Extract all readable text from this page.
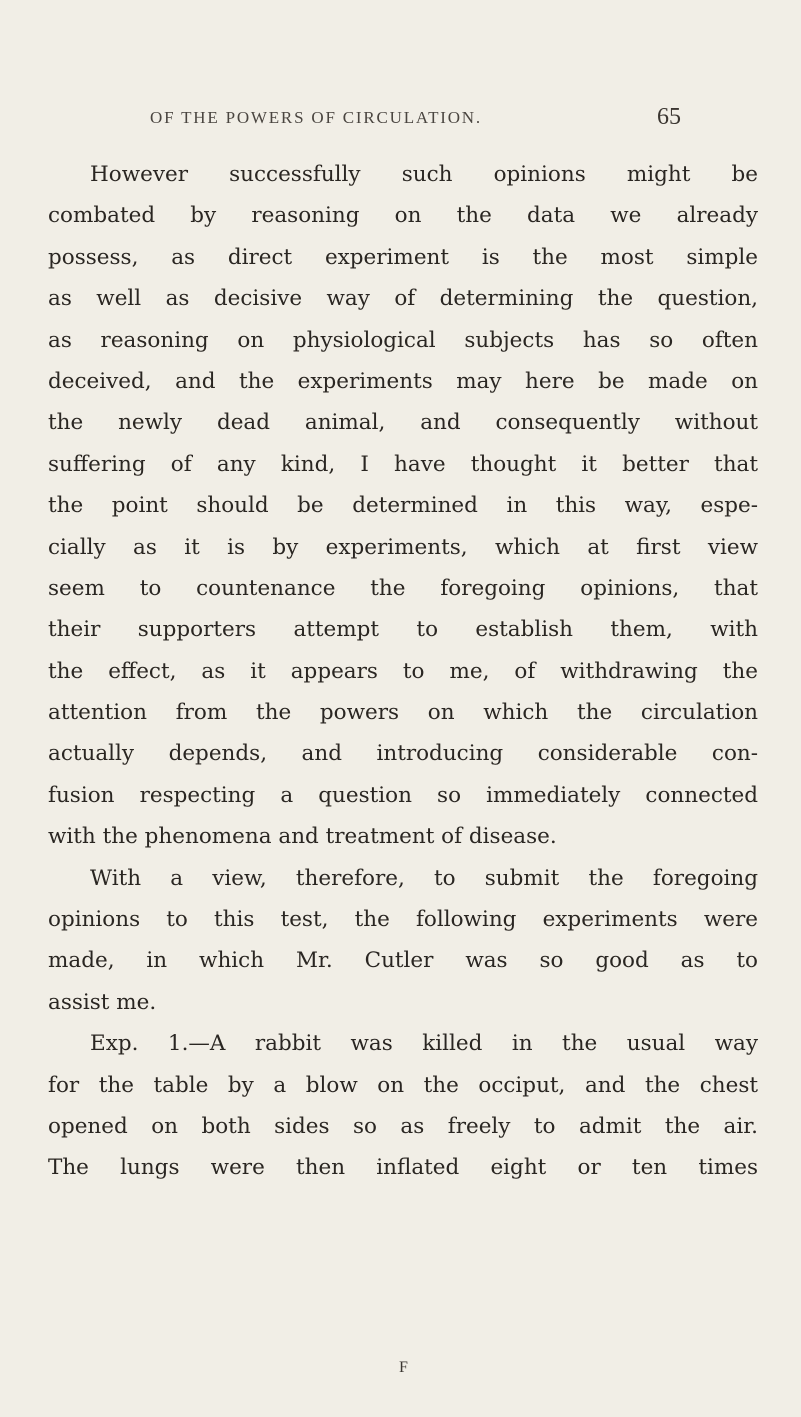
OF THE POWERS OF CIRCULATION.	65
However successfully such opinions might be
combated by reasoning on the data we already
possess, as direct experiment is the most simple
as well as decisive way of determining the question,
as reasoning on physiological subjects has so often
deceived, and the experiments may here be made on
the newly dead animal, and consequently without
suffering of any kind, I have thought it better that
the point should be determined in this way, espe-
cially as it is by experiments, which at first view
seem to countenance the foregoing opinions, that
their supporters attempt to establish them, with
the effect, as it appears to me, of withdrawing the
attention from the powers on which the circulation
actually depends, and introducing considerable con-
fusion respecting a question so immediately connected
with the phenomena and treatment of disease.
With a view, therefore, to submit the foregoing
opinions to this test, the following experiments were
made, in which Mr. Cutler was so good as to
assist me.
Exp. 1.—A rabbit was killed in the usual way
for the table by a blow on the occiput, and the chest
opened on both sides so as freely to admit the air.
The lungs were then inflated eight or ten times
F
